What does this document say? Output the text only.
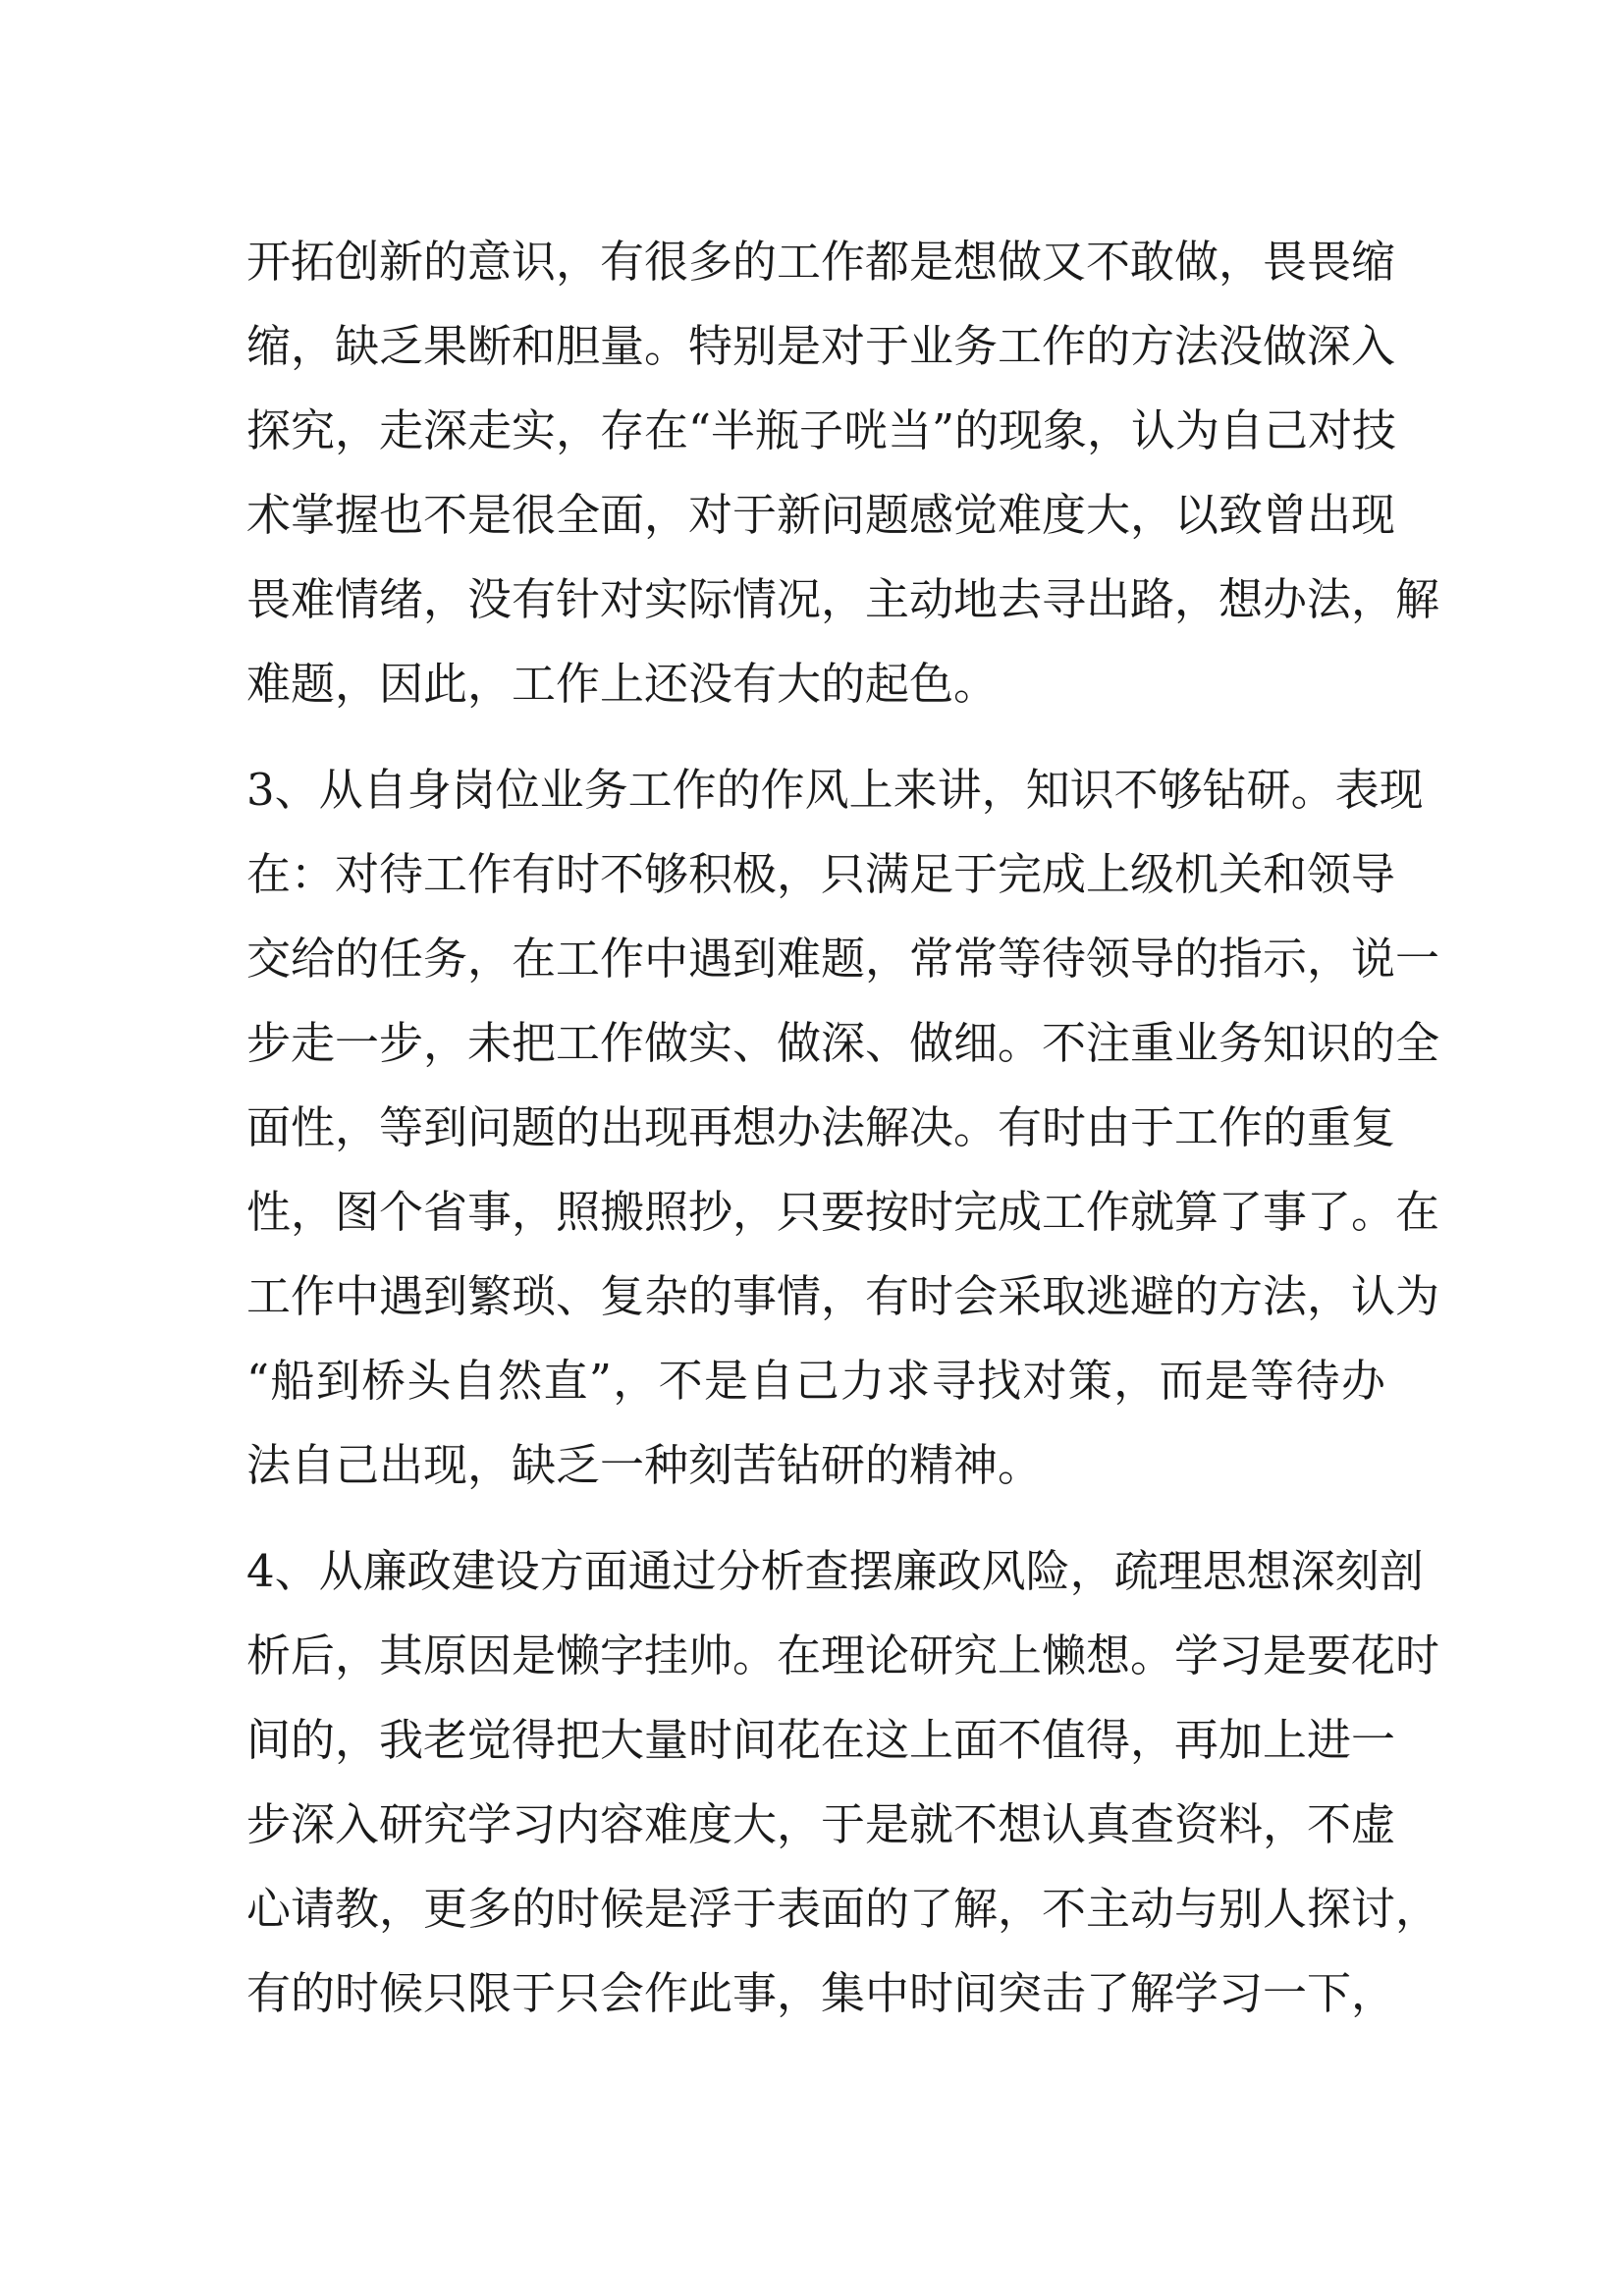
开拓创新的意识，有很多的工作都是想做又不敢做，畏畏缩
缩，缺乏果断和胆量。特别是对于业务工作的方法没做深入
探究，走深走实，存在“半瓶子咣当”的现象，认为自己对技
术掌握也不是很全面，对于新问题感觉难度大，以致曾出现
畏难情绪，没有针对实际情况，主动地去寻出路，想办法，解
难题，因此，工作上还没有大的起色。
3、从自身岗位业务工作的作风上来讲，知识不够钻研。表现
在：对待工作有时不够积极，只满足于完成上级机关和领导
交给的任务，在工作中遇到难题，常常等待领导的指示，说一
步走一步，未把工作做实、做深、做细。不注重业务知识的全
面性，等到问题的出现再想办法解决。有时由于工作的重复
性，图个省事，照搬照抄，只要按时完成工作就算了事了。在
工作中遇到繁琐、复杂的事情，有时会采取逃避的方法，认为
“船到桥头自然直”，不是自己力求寻找对策，而是等待办
法自己出现，缺乏一种刻苦钻研的精神。
4、从廉政建设方面通过分析查摆廉政风险，疏理思想深刻剖
析后，其原因是懒字挂帅。在理论研究上懒想。学习是要花时
间的，我老觉得把大量时间花在这上面不值得，再加上进一
步深入研究学习内容难度大，于是就不想认真查资料，不虚
心请教，更多的时候是浮于表面的了解，不主动与别人探讨，
有的时候只限于只会作此事，集中时间突击了解学习一下，
